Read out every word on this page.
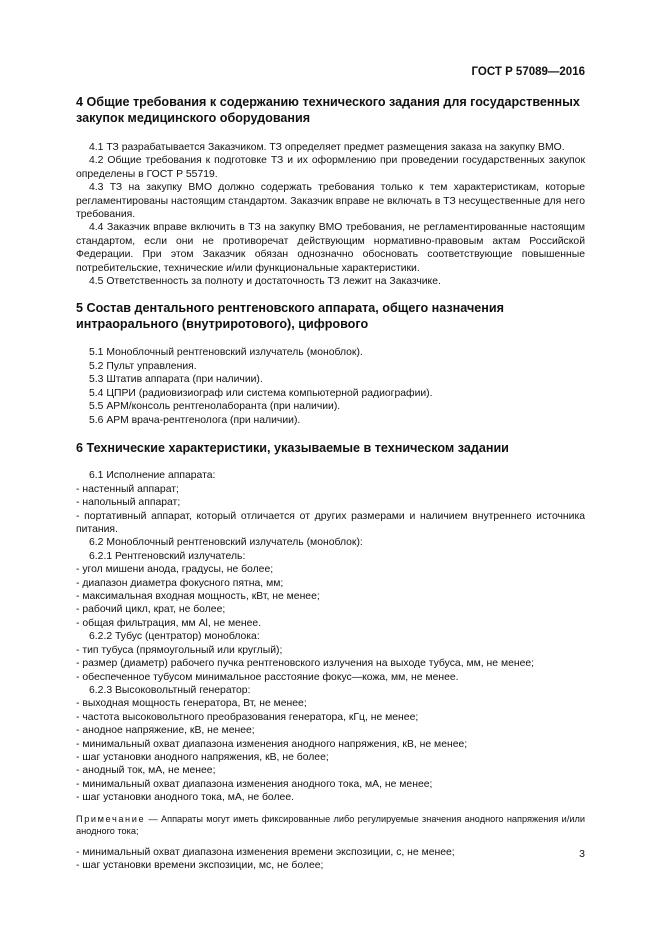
ГОСТ Р 57089—2016
4 Общие требования к содержанию технического задания для государственных закупок медицинского оборудования

4.1 ТЗ разрабатывается Заказчиком. ТЗ определяет предмет размещения заказа на закупку ВМО.

4.2 Общие требования к подготовке ТЗ и их оформлению при проведении государственных закупок определены в ГОСТ Р 55719.

4.3 ТЗ на закупку ВМО должно содержать требования только к тем характеристикам, которые регламентированы настоящим стандартом. Заказчик вправе не включать в ТЗ несущественные для него требования.

4.4 Заказчик вправе включить в ТЗ на закупку ВМО требования, не регламентированные настоящим стандартом, если они не противоречат действующим нормативно-правовым актам Российской Федерации. При этом Заказчик обязан однозначно обосновать соответствующие повышенные потребительские, технические и/или функциональные характеристики.

4.5 Ответственность за полноту и достаточность ТЗ лежит на Заказчике.

5 Состав дентального рентгеновского аппарата, общего назначения интраорального (внутриротового), цифрового

5.1 Моноблочный рентгеновский излучатель (моноблок).

5.2 Пульт управления.

5.3 Штатив аппарата (при наличии).

5.4 ЦПРИ (радиовизиограф или система компьютерной радиографии).

5.5 АРМ/консоль рентгенолаборанта (при наличии).

5.6 АРМ врача-рентгенолога (при наличии).

6 Технические характеристики, указываемые в техническом задании

6.1 Исполнение аппарата:

- настенный аппарат;

- напольный аппарат;

- портативный аппарат, который отличается от других размерами и наличием внутреннего источника питания.

6.2 Моноблочный рентгеновский излучатель (моноблок):

6.2.1 Рентгеновский излучатель:

- угол мишени анода, градусы, не более;

- диапазон диаметра фокусного пятна, мм;

- максимальная входная мощность, кВт, не менее;

- рабочий цикл, крат, не более;

- общая фильтрация, мм Al, не менее.

6.2.2 Тубус (центратор) моноблока:

- тип тубуса (прямоугольный или круглый);

- размер (диаметр) рабочего пучка рентгеновского излучения на выходе тубуса, мм, не менее;

- обеспеченное тубусом минимальное расстояние фокус—кожа, мм, не менее.

6.2.3 Высоковольтный генератор:

- выходная мощность генератора, Вт, не менее;

- частота высоковольтного преобразования генератора, кГц, не менее;

- анодное напряжение, кВ, не менее;

- минимальный охват диапазона изменения анодного напряжения, кВ, не менее;

- шаг установки анодного напряжения, кВ, не более;

- анодный ток, мА, не менее;

- минимальный охват диапазона изменения анодного тока, мА, не менее;

- шаг установки анодного тока, мА, не более.

Примечание — Аппараты могут иметь фиксированные либо регулируемые значения анодного напряжения и/или анодного тока;

- минимальный охват диапазона изменения времени экспозиции, с, не менее;

- шаг установки времени экспозиции, мс, не более;

3
